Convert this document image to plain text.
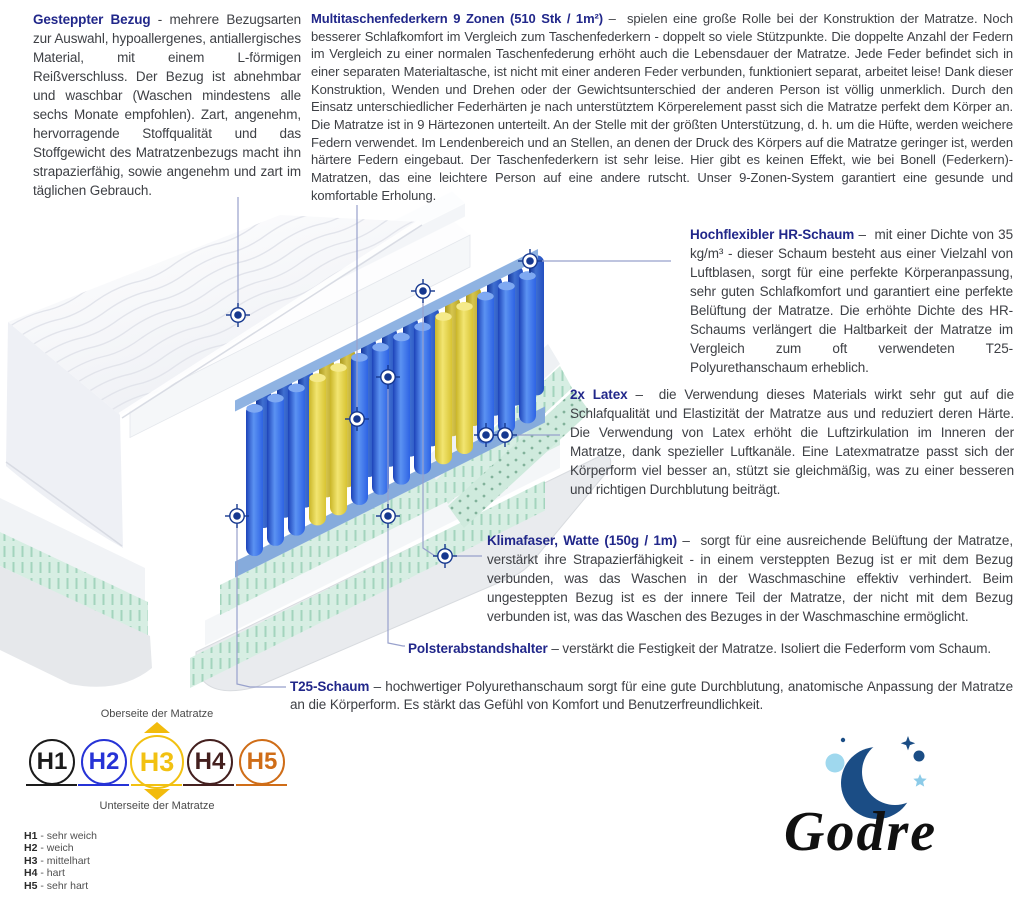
Gesteppter Bezug - mehrere Bezugsarten zur Auswahl, hypoallergenes, antiallergisches Material, mit einem L-förmigen Reißverschluss. Der Bezug ist abnehmbar und waschbar (Waschen mindestens alle sechs Monate empfohlen). Zart, angenehm, hervorragende Stoffqualität und das Stoffgewicht des Matratzenbezugs macht ihn strapazierfähig, sowie angenehm und zart im täglichen Gebrauch.
Multitaschenfederkern 9 Zonen (510 Stk / 1m²) –  spielen eine große Rolle bei der Konstruktion der Matratze. Noch besserer Schlafkomfort im Vergleich zum Taschenfederkern - doppelt so viele Stützpunkte. Die doppelte Anzahl der Federn im Vergleich zu einer normalen Taschenfederung erhöht auch die Lebensdauer der Matratze. Jede Feder befindet sich in einer separaten Materialtasche, ist nicht mit einer anderen Feder verbunden, funktioniert separat, arbeitet leise! Dank dieser Konstruktion, Wenden und Drehen oder der Gewichtsunterschied der anderen Person ist völlig unmerklich. Durch den Einsatz unterschiedlicher Federhärten je nach unterstütztem Körperelement passt sich die Matratze perfekt dem Körper an. Die Matratze ist in 9 Härtezonen unterteilt. An der Stelle mit der größten Unterstützung, d. h. um die Hüfte, werden weichere Federn verwendet. Im Lendenbereich und an Stellen, an denen der Druck des Körpers auf die Matratze geringer ist, werden härtere Federn eingebaut. Der Taschenfederkern ist sehr leise. Hier gibt es keinen Effekt, wie bei Bonell (Federkern)- Matratzen, das eine leichtere Person auf eine andere rutscht. Unser 9-Zonen-System garantiert eine gesunde und komfortable Erholung.
Hochflexibler HR-Schaum –  mit einer Dichte von 35 kg/m³ - dieser Schaum besteht aus einer Vielzahl von Luftblasen, sorgt für eine perfekte Körperanpassung, sehr guten Schlafkomfort und garantiert eine perfekte Belüftung der Matratze. Die erhöhte Dichte des HR-Schaums verlängert die Haltbarkeit der Matratze im Vergleich zum oft verwendeten T25-Polyurethanschaum erheblich.
2x Latex –  die Verwendung dieses Materials wirkt sehr gut auf die Schlafqualität und Elastizität der Matratze aus und reduziert deren Härte. Die Verwendung von Latex erhöht die Luftzirkulation im Inneren der Matratze, dank spezieller Luftkanäle. Eine Latexmatratze passt sich der Körperform viel besser an, stützt sie gleichmäßig, was zu einer besseren und richtigen Durchblutung beiträgt.
Klimafaser, Watte (150g / 1m) –  sorgt für eine ausreichende Belüftung der Matratze, verstärkt ihre Strapazierfähigkeit - in einem versteppten Bezug ist er mit dem Bezug verbunden, was das Waschen in der Waschmaschine effektiv verhindert. Beim ungesteppten Bezug ist es der innere Teil der Matratze, der nicht mit dem Bezug verbunden ist, was das Waschen des Bezuges in der Waschmaschine ermöglicht.
Polsterabstandshalter – verstärkt die Festigkeit der Matratze. Isoliert die Federform vom Schaum.
T25-Schaum – hochwertiger Polyurethanschaum sorgt für eine gute Durchblutung, anatomische Anpassung der Matratze an die Körperform. Es stärkt das Gefühl von Komfort und Benutzerfreundlichkeit.
Oberseite der Matratze
H1 H2 H3 H4 H5
Unterseite der Matratze
H1 - sehr weich
H2 - weich
H3 - mittelhart
H4 - hart
H5 - sehr hart
Godre
